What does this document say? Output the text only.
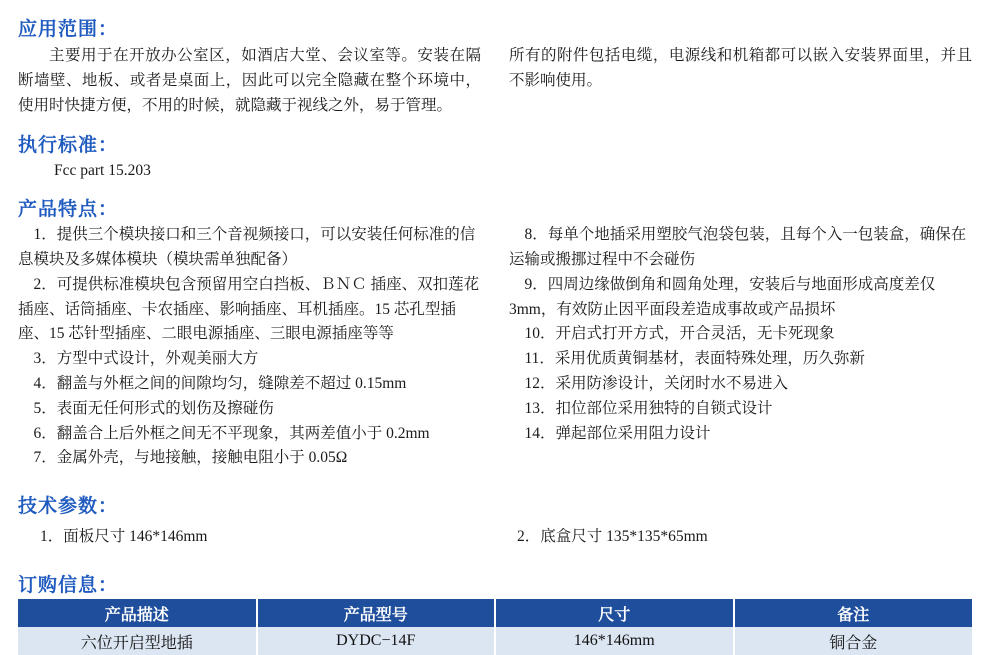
应用范围：

主要用于在开放办公室区，如酒店大堂、会议室等。安装在隔断墙壁、地板、或者是桌面上，因此可以完全隐藏在整个环境中，使用时快捷方便，不用的时候，就隐藏于视线之外，易于管理。

所有的附件包括电缆，电源线和机箱都可以嵌入安装界面里，并且不影响使用。

执行标准：

Fcc part 15.203

产品特点：

1．提供三个模块接口和三个音视频接口，可以安装任何标准的信息模块及多媒体模块（模块需单独配备）

2．可提供标准模块包含预留用空白挡板、ＢＮＣ 插座、双扣莲花插座、话筒插座、卡农插座、影响插座、耳机插座。15 芯孔型插座、15 芯针型插座、二眼电源插座、三眼电源插座等等

3．方型中式设计，外观美丽大方

4．翻盖与外框之间的间隙均匀，缝隙差不超过 0.15mm

5．表面无任何形式的划伤及擦碰伤

6．翻盖合上后外框之间无不平现象，其两差值小于 0.2mm

7．金属外壳，与地接触，接触电阻小于 0.05Ω

8．每单个地插采用塑胶气泡袋包装，且每个入一包装盒，确保在运输或搬挪过程中不会碰伤

9．四周边缘做倒角和圆角处理，安装后与地面形成高度差仅3mm，有效防止因平面段差造成事故或产品损坏

10．开启式打开方式，开合灵活，无卡死现象

11．采用优质黄铜基材，表面特殊处理，历久弥新

12．采用防渗设计，关闭时水不易进入

13．扣位部位采用独特的自锁式设计

14．弹起部位采用阻力设计

技术参数：
1．面板尺寸 146*146mm	2．底盒尺寸 135*135*65mm
订购信息：
产品描述	产品型号	尺寸	备注
六位开启型地插	DYDC−14F	146*146mm	铜合金
